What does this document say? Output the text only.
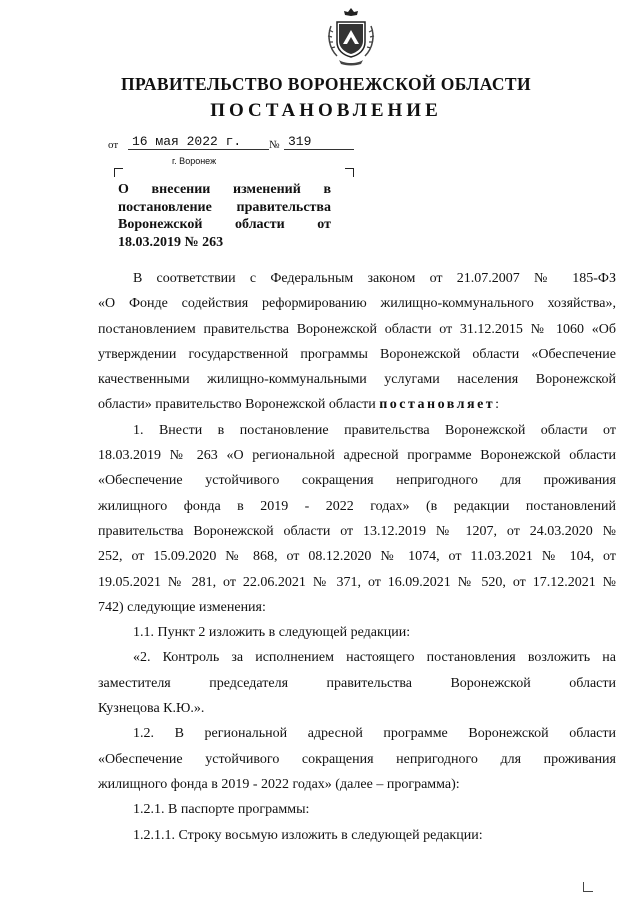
ПРАВИТЕЛЬСТВО ВОРОНЕЖСКОЙ ОБЛАСТИ
ПОСТАНОВЛЕНИЕ
от	16 мая 2022 г.	№ 319
г. Воронеж
О внесении изменений в
постановление правительства
Воронежской области от
18.03.2019 № 263
В соответствии с Федеральным законом от 21.07.2007 № 185-ФЗ
«О Фонде содействия реформированию жилищно-коммунального хозяйства»,
постановлением правительства Воронежской области от 31.12.2015 № 1060 «Об
утверждении государственной программы Воронежской области «Обеспечение
качественными жилищно-коммунальными услугами населения Воронежской
области» правительство Воронежской области постановляет:
1. Внести в постановление правительства Воронежской области от
18.03.2019 № 263 «О региональной адресной программе Воронежской области
«Обеспечение устойчивого сокращения непригодного для проживания
жилищного фонда в 2019 - 2022 годах» (в редакции постановлений
правительства Воронежской области от 13.12.2019 № 1207, от 24.03.2020 №
252, от 15.09.2020 № 868, от 08.12.2020 № 1074, от 11.03.2021 № 104, от
19.05.2021 № 281, от 22.06.2021 № 371, от 16.09.2021 № 520, от 17.12.2021 №
742) следующие изменения:
1.1. Пункт 2 изложить в следующей редакции:
«2. Контроль за исполнением настоящего постановления возложить на
заместителя председателя правительства Воронежской области
Кузнецова К.Ю.».
1.2. В региональной адресной программе Воронежской области
«Обеспечение устойчивого сокращения непригодного для проживания
жилищного фонда в 2019 - 2022 годах» (далее – программа):
1.2.1. В паспорте программы:
1.2.1.1. Строку восьмую изложить в следующей редакции:
